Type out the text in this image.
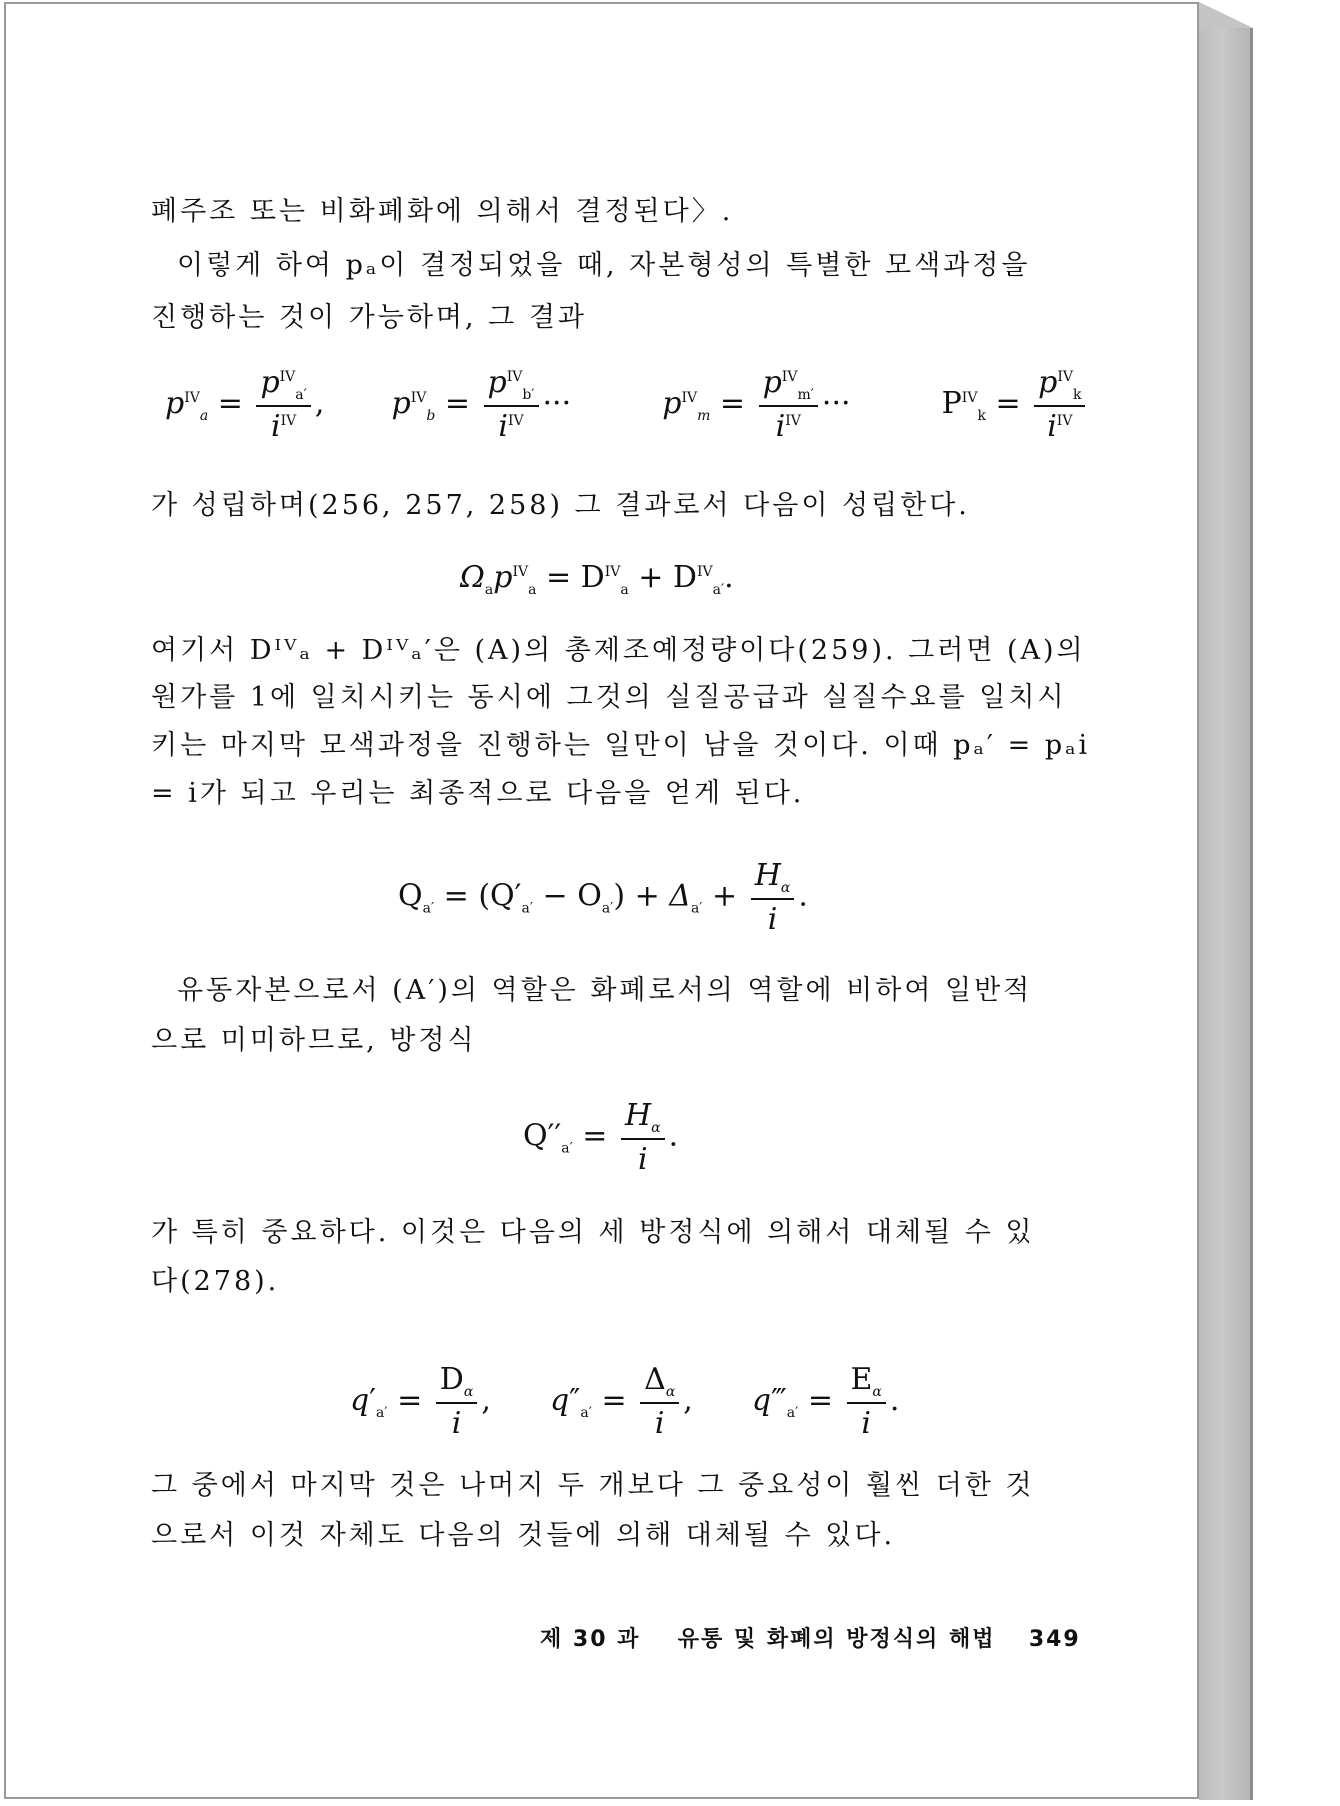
폐주조 또는 비화폐화에 의해서 결정된다〉.
이렇게 하여 pₐ이 결정되었을 때, 자본형성의 특별한 모색과정을
진행하는 것이 가능하며, 그 결과
$p^{IV}_a = \frac{p^{IV}_{a'}}{i^{IV}}$ , $p^{IV}_b = \frac{p^{IV}_{b'}}{i^{IV}}$ ···	$p^{IV}_m = \frac{p^{IV}_{m'}}{i^{IV}}$ ···	$P^{IV}_k = \frac{p^{IV}_k}{i^{IV}}$
가 성립하며(256, 257, 258) 그 결과로서 다음이 성립한다.
$\Omega_ap^{IV}_a = D^{IV}_a + D^{IV}_{a'}$.
여기서 Dᴵⱽₐ + Dᴵⱽₐ′은 (A)의 총제조예정량이다(259). 그러면 (A)의
원가를 1에 일치시키는 동시에 그것의 실질공급과 실질수요를 일치시
키는 마지막 모색과정을 진행하는 일만이 남을 것이다. 이때 pₐ′ = pₐi
= i가 되고 우리는 최종적으로 다음을 얻게 된다.
$Q_{a'} = (Q'_{a'} - O_{a'}) + \Delta_{a'} + \frac{H_\alpha}{i}$ .
유동자본으로서 (A′)의 역할은 화폐로서의 역할에 비하여 일반적
으로 미미하므로, 방정식
$Q''_{a'} = \frac{H_\alpha}{i}$ .
가 특히 중요하다. 이것은 다음의 세 방정식에 의해서 대체될 수 있
다(278).
$q'_{a'} = \frac{D_\alpha}{i}$ , $q''_{a'} = \frac{\Delta_\alpha}{i}$ , $q‴_{a'} = \frac{E_\alpha}{i}$ .
그 중에서 마지막 것은 나머지 두 개보다 그 중요성이 훨씬 더한 것
으로서 이것 자체도 다음의 것들에 의해 대체될 수 있다.
제 30 과 유통 및 화폐의 방정식의 해법 349
